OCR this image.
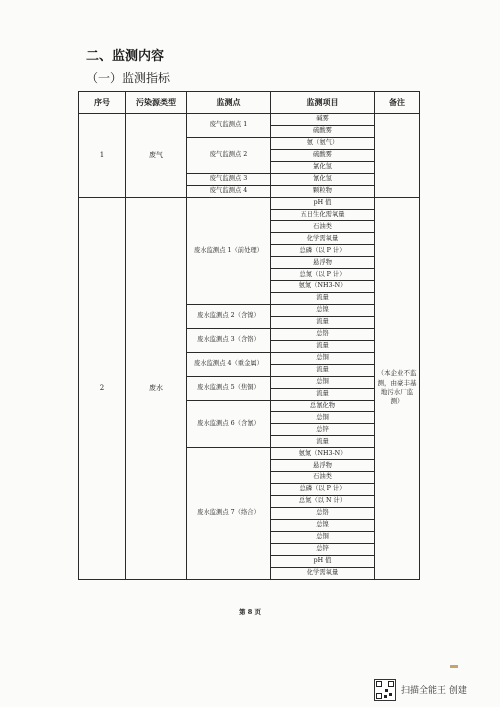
二、监测内容
（一）监测指标
序号	污染源类型	监测点	监测项目	备注
1	废气	废气监测点 1	碱雾	
			硫酸雾	
		废气监测点 2	氨（氨气）	
			硫酸雾	
			氯化氢	
		废气监测点 3	氰化氢	
		废气监测点 4	颗粒物	
2	废水	废水监测点 1（前处理）	pH 值	（本企业不监测，由豪丰基地污水厂监测）
			五日生化需氧量	
			石油类	
			化学需氧量	
			总磷（以 P 计）	
			悬浮物	
			总氮（以 P 计）	
			氨氮（NH3-N）	
			流量	
		废水监测点 2（含镍）	总镍	
			流量	
		废水监测点 3（含铬）	总铬	
			流量	
		废水监测点 4（重金属）	总铜	
			流量	
		废水监测点 5（焦铜）	总铜	
			流量	
		废水监测点 6（含氰）	总氰化物	
			总铜	
			总锌	
			流量	
		废水监测点 7（络合）	氨氮（NH3-N）	
			悬浮物	
			石油类	
			总磷（以 P 计）	
			总氮（以 N 计）	
			总铬	
			总镍	
			总铜	
			总锌	
			pH 值	
			化学需氧量	
第 8 页
扫描全能王 创建
